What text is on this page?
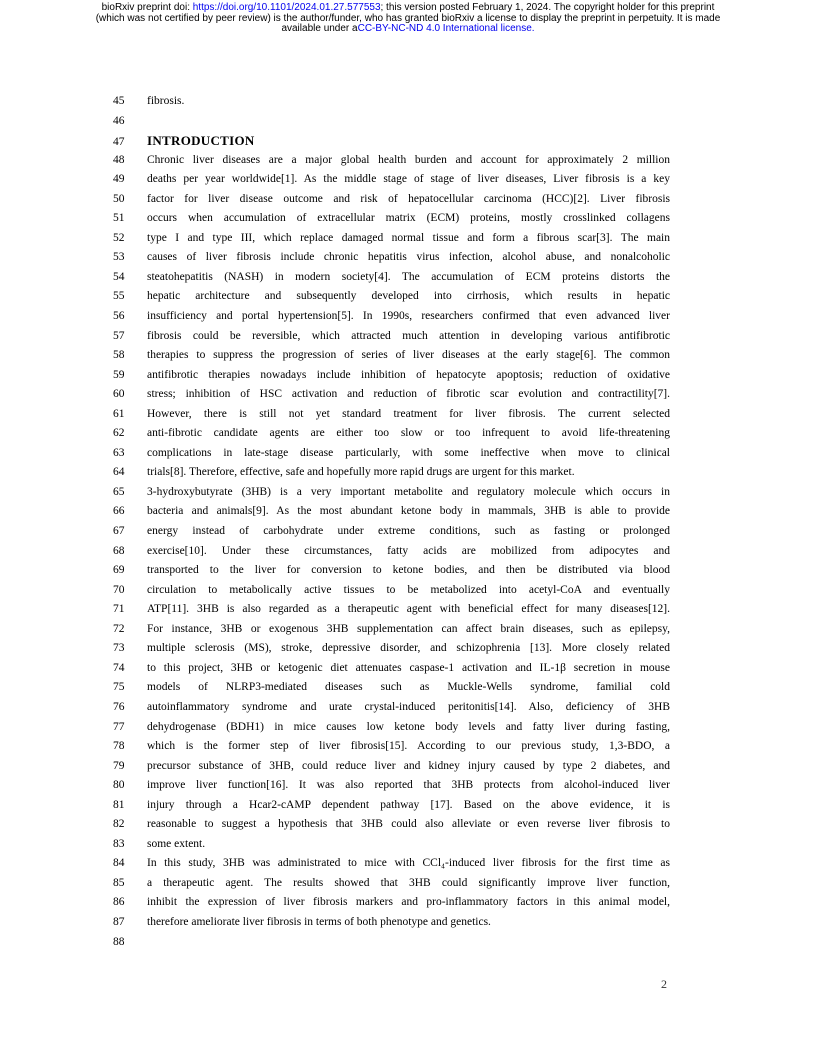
bioRxiv preprint doi: https://doi.org/10.1101/2024.01.27.577553; this version posted February 1, 2024. The copyright holder for this preprint
(which was not certified by peer review) is the author/funder, who has granted bioRxiv a license to display the preprint in perpetuity. It is made
available under aCC-BY-NC-ND 4.0 International license.
45	fibrosis.
46
47	INTRODUCTION
48	Chronic liver diseases are a major global health burden and account for approximately 2 million
49	deaths per year worldwide[1]. As the middle stage of stage of liver diseases, Liver fibrosis is a key
50	factor for liver disease outcome and risk of hepatocellular carcinoma (HCC)[2]. Liver fibrosis
51	occurs when accumulation of extracellular matrix (ECM) proteins, mostly crosslinked collagens
52	type I and type III, which replace damaged normal tissue and form a fibrous scar[3]. The main
53	causes of liver fibrosis include chronic hepatitis virus infection, alcohol abuse, and nonalcoholic
54	steatohepatitis (NASH) in modern society[4]. The accumulation of ECM proteins distorts the
55	hepatic architecture and subsequently developed into cirrhosis, which results in hepatic
56	insufficiency and portal hypertension[5]. In 1990s, researchers confirmed that even advanced liver
57	fibrosis could be reversible, which attracted much attention in developing various antifibrotic
58	therapies to suppress the progression of series of liver diseases at the early stage[6]. The common
59	antifibrotic therapies nowadays include inhibition of hepatocyte apoptosis; reduction of oxidative
60	stress; inhibition of HSC activation and reduction of fibrotic scar evolution and contractility[7].
61	However, there is still not yet standard treatment for liver fibrosis. The current selected
62	anti-fibrotic candidate agents are either too slow or too infrequent to avoid life-threatening
63	complications in late-stage disease particularly, with some ineffective when move to clinical
64	trials[8]. Therefore, effective, safe and hopefully more rapid drugs are urgent for this market.
65	3-hydroxybutyrate (3HB) is a very important metabolite and regulatory molecule which occurs in
66	bacteria and animals[9]. As the most abundant ketone body in mammals, 3HB is able to provide
67	energy instead of carbohydrate under extreme conditions, such as fasting or prolonged
68	exercise[10]. Under these circumstances, fatty acids are mobilized from adipocytes and
69	transported to the liver for conversion to ketone bodies, and then be distributed via blood
70	circulation to metabolically active tissues to be metabolized into acetyl-CoA and eventually
71	ATP[11]. 3HB is also regarded as a therapeutic agent with beneficial effect for many diseases[12].
72	For instance, 3HB or exogenous 3HB supplementation can affect brain diseases, such as epilepsy,
73	multiple sclerosis (MS), stroke, depressive disorder, and schizophrenia [13]. More closely related
74	to this project, 3HB or ketogenic diet attenuates caspase-1 activation and IL-1β secretion in mouse
75	models of NLRP3-mediated diseases such as Muckle-Wells syndrome, familial cold
76	autoinflammatory syndrome and urate crystal-induced peritonitis[14]. Also, deficiency of 3HB
77	dehydrogenase (BDH1) in mice causes low ketone body levels and fatty liver during fasting,
78	which is the former step of liver fibrosis[15]. According to our previous study, 1,3-BDO, a
79	precursor substance of 3HB, could reduce liver and kidney injury caused by type 2 diabetes, and
80	improve liver function[16]. It was also reported that 3HB protects from alcohol-induced liver
81	injury through a Hcar2-cAMP dependent pathway [17]. Based on the above evidence, it is
82	reasonable to suggest a hypothesis that 3HB could also alleviate or even reverse liver fibrosis to
83	some extent.
84	In this study, 3HB was administrated to mice with CCl₄-induced liver fibrosis for the first time as
85	a therapeutic agent. The results showed that 3HB could significantly improve liver function,
86	inhibit the expression of liver fibrosis markers and pro-inflammatory factors in this animal model,
87	therefore ameliorate liver fibrosis in terms of both phenotype and genetics.
88
2
